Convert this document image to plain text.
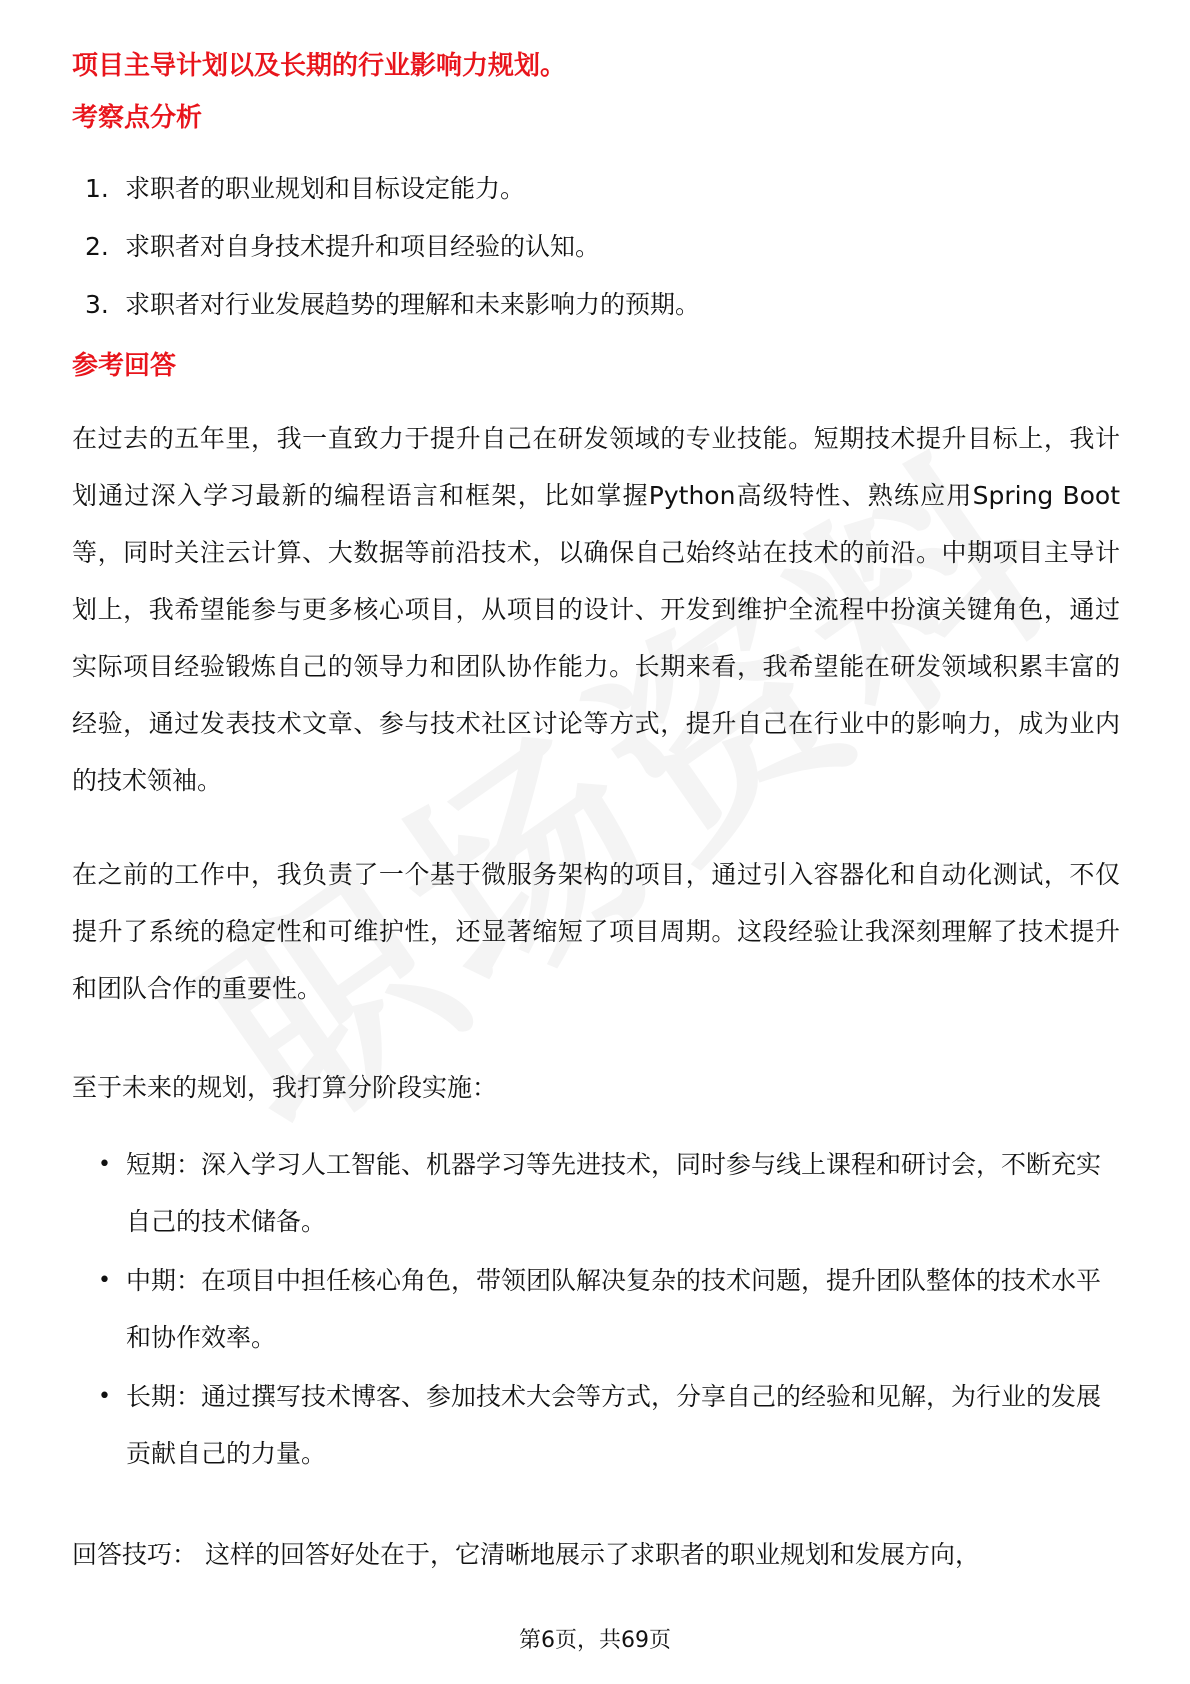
项目主导计划以及长期的行业影响力规划。
考察点分析
1. 求职者的职业规划和目标设定能力。
2. 求职者对自身技术提升和项目经验的认知。
3. 求职者对行业发展趋势的理解和未来影响力的预期。
参考回答

在过去的五年里，我一直致力于提升自己在研发领域的专业技能。短期技术提升目标上，我计划通过深入学习最新的编程语言和框架，比如掌握Python高级特性、熟练应用Spring Boot等，同时关注云计算、大数据等前沿技术，以确保自己始终站在技术的前沿。中期项目主导计划上，我希望能参与更多核心项目，从项目的设计、开发到维护全流程中扮演关键角色，通过实际项目经验锻炼自己的领导力和团队协作能力。长期来看，我希望能在研发领域积累丰富的经验，通过发表技术文章、参与技术社区讨论等方式，提升自己在行业中的影响力，成为业内的技术领袖。

在之前的工作中，我负责了一个基于微服务架构的项目，通过引入容器化和自动化测试，不仅提升了系统的稳定性和可维护性，还显著缩短了项目周期。这段经验让我深刻理解了技术提升和团队合作的重要性。

至于未来的规划，我打算分阶段实施：

• 短期：深入学习人工智能、机器学习等先进技术，同时参与线上课程和研讨会，不断充实自己的技术储备。
• 中期：在项目中担任核心角色，带领团队解决复杂的技术问题，提升团队整体的技术水平和协作效率。
• 长期：通过撰写技术博客、参加技术大会等方式，分享自己的经验和见解，为行业的发展贡献自己的力量。

回答技巧： 这样的回答好处在于，它清晰地展示了求职者的职业规划和发展方向，

第6页，共69页
